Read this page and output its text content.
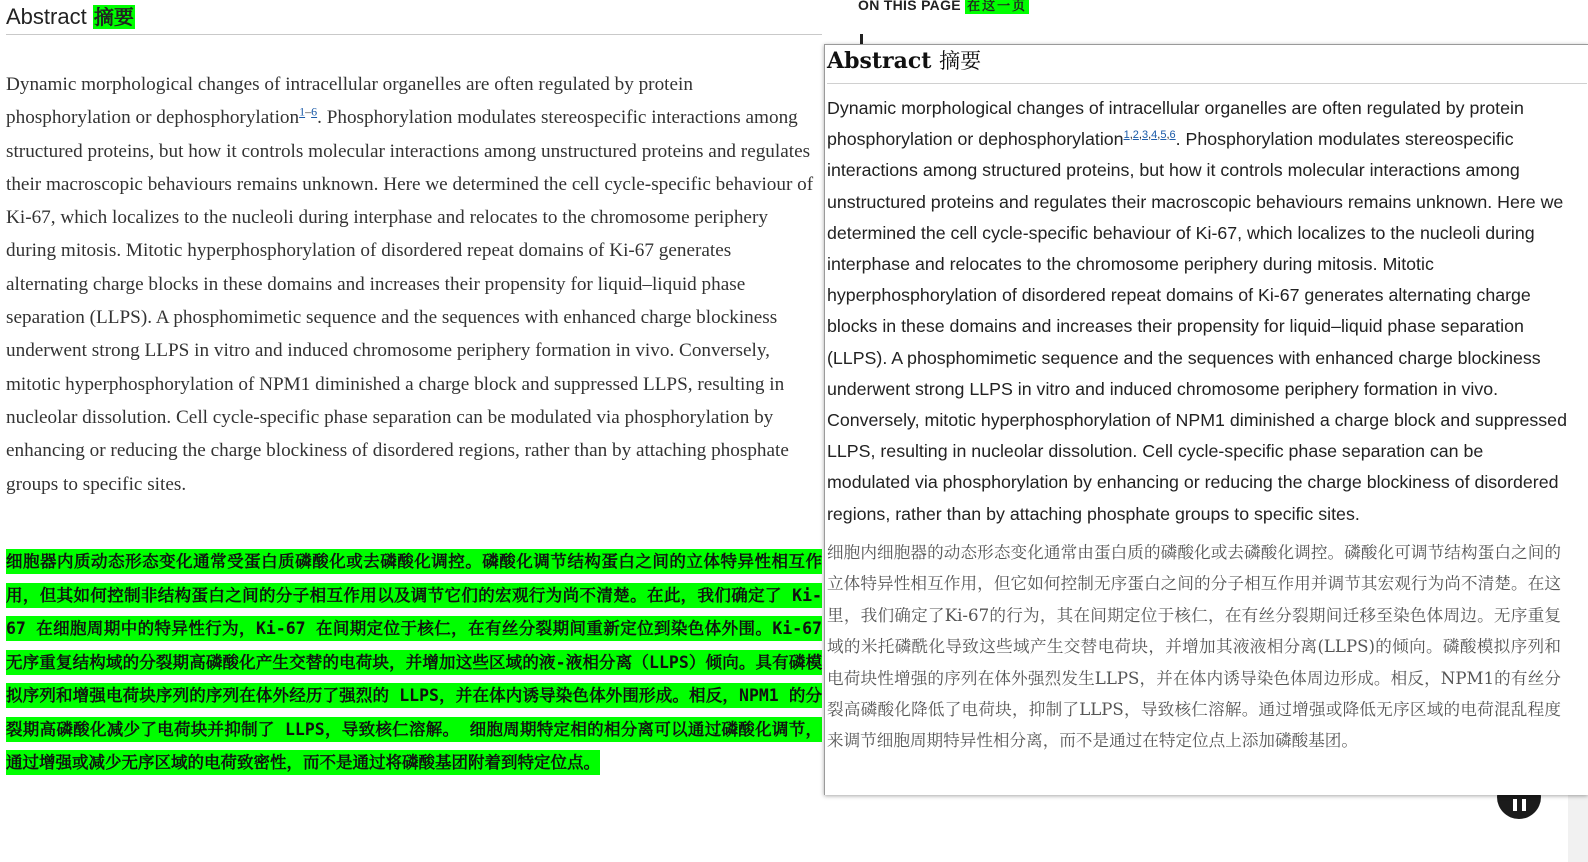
Abstract 摘要

Dynamic morphological changes of intracellular organelles are often regulated by protein phosphorylation or dephosphorylation$^{1-6}$. Phosphorylation modulates stereospecific interactions among structured proteins, but how it controls molecular interactions among unstructured proteins and regulates their macroscopic behaviours remains unknown. Here we determined the cell cycle-specific behaviour of Ki-67, which localizes to the nucleoli during interphase and relocates to the chromosome periphery during mitosis. Mitotic hyperphosphorylation of disordered repeat domains of Ki-67 generates alternating charge blocks in these domains and increases their propensity for liquid–liquid phase separation (LLPS). A phosphomimetic sequence and the sequences with enhanced charge blockiness underwent strong LLPS in vitro and induced chromosome periphery formation in vivo. Conversely, mitotic hyperphosphorylation of NPM1 diminished a charge block and suppressed LLPS, resulting in nucleolar dissolution. Cell cycle-specific phase separation can be modulated via phosphorylation by enhancing or reducing the charge blockiness of disordered regions, rather than by attaching phosphate groups to specific sites.

细胞器内质动态形态变化通常受蛋白质磷酸化或去磷酸化调控。磷酸化调节结构蛋白之间的立体特异性相互作用，但其如何控制非结构蛋白之间的分子相互作用以及调节它们的宏观行为尚不清楚。在此，我们确定了 Ki-67 在细胞周期中的特异性行为，Ki-67 在间期定位于核仁，在有丝分裂期间重新定位到染色体外围。Ki-67 无序重复结构域的分裂期高磷酸化产生交替的电荷块，并增加这些区域的液-液相分离（LLPS）倾向。具有磷模拟序列和增强电荷块序列的序列在体外经历了强烈的 LLPS，并在体内诱导染色体外围形成。相反，NPM1 的分裂期高磷酸化减少了电荷块并抑制了 LLPS，导致核仁溶解。 细胞周期特定相的相分离可以通过磷酸化调节，通过增强或减少无序区域的电荷致密性，而不是通过将磷酸基团附着到特定位点。

ON THIS PAGE 在这一页
Abstract 摘要

Dynamic morphological changes of intracellular organelles are often regulated by protein phosphorylation or dephosphorylation$^{1,2,3,4,5,6}$. Phosphorylation modulates stereospecific interactions among structured proteins, but how it controls molecular interactions among unstructured proteins and regulates their macroscopic behaviours remains unknown. Here we determined the cell cycle-specific behaviour of Ki-67, which localizes to the nucleoli during interphase and relocates to the chromosome periphery during mitosis. Mitotic hyperphosphorylation of disordered repeat domains of Ki-67 generates alternating charge blocks in these domains and increases their propensity for liquid–liquid phase separation (LLPS). A phosphomimetic sequence and the sequences with enhanced charge blockiness underwent strong LLPS in vitro and induced chromosome periphery formation in vivo. Conversely, mitotic hyperphosphorylation of NPM1 diminished a charge block and suppressed LLPS, resulting in nucleolar dissolution. Cell cycle-specific phase separation can be modulated via phosphorylation by enhancing or reducing the charge blockiness of disordered regions, rather than by attaching phosphate groups to specific sites.

细胞内细胞器的动态形态变化通常由蛋白质的磷酸化或去磷酸化调控。磷酸化可调节结构蛋白之间的立体特异性相互作用，但它如何控制无序蛋白之间的分子相互作用并调节其宏观行为尚不清楚。在这里，我们确定了Ki-67的行为，其在间期定位于核仁，在有丝分裂期间迁移至染色体周边。无序重复域的米托磷酰化导致这些域产生交替电荷块，并增加其液液相分离(LLPS)的倾向。磷酸模拟序列和电荷块性增强的序列在体外强烈发生LLPS，并在体内诱导染色体周边形成。相反，NPM1的有丝分裂高磷酸化降低了电荷块，抑制了LLPS，导致核仁溶解。通过增强或降低无序区域的电荷混乱程度来调节细胞周期特异性相分离，而不是通过在特定位点上添加磷酸基团。
